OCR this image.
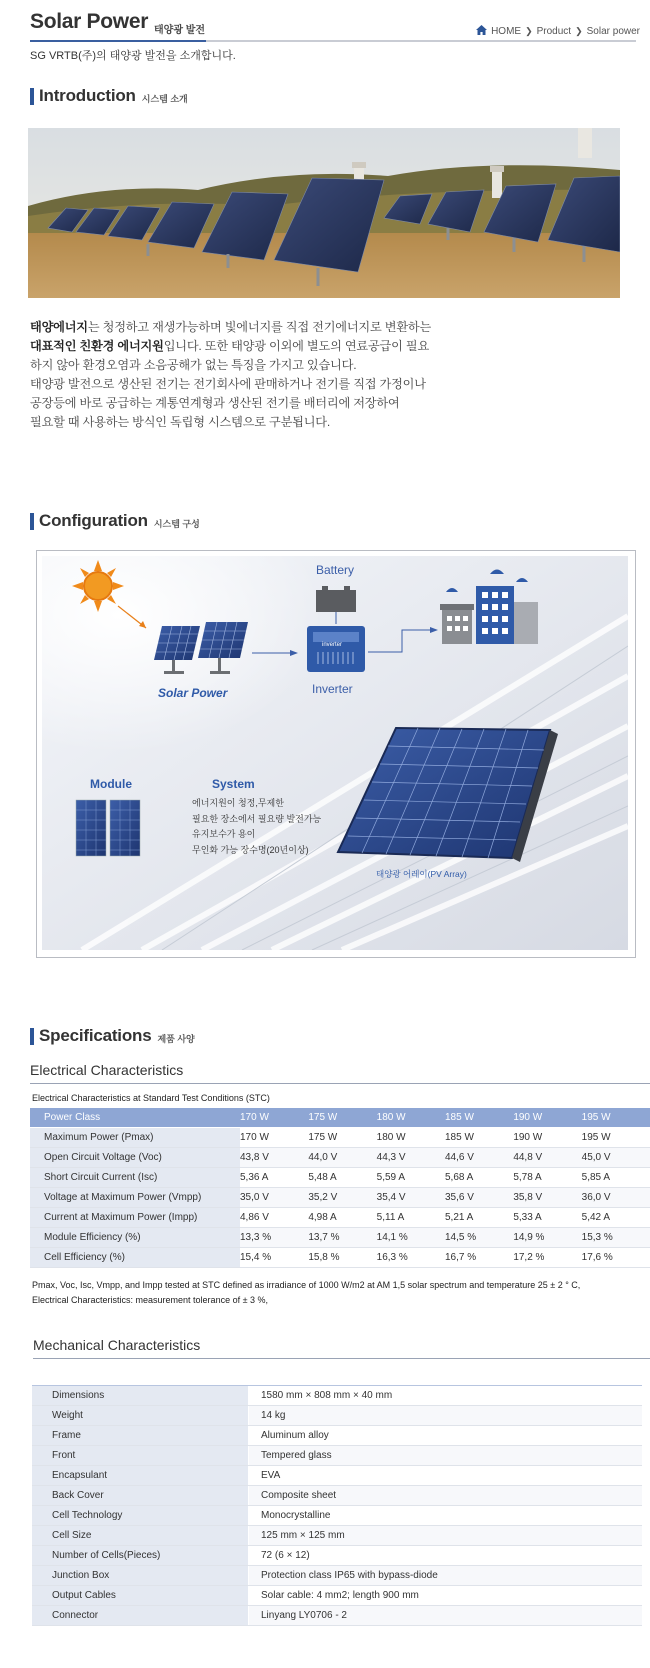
Solar Power 태양광 발전	HOME ❯ Product ❯ Solar power
SG VRTB(주)의 태양광 발전을 소개합니다.
Introduction 시스템 소개
태양에너지는 청정하고 재생가능하며 빛에너지를 직접 전기에너지로 변환하는
대표적인 친환경 에너지원입니다. 또한 태양광 이외에 별도의 연료공급이 필요
하지 않아 환경오염과 소음공해가 없는 특징을 가지고 있습니다.
태양광 발전으로 생산된 전기는 전기회사에 판매하거나 전기를 직접 가정이나
공장등에 바로 공급하는 계통연계형과 생산된 전기를 배터리에 저장하여
필요할 때 사용하는 방식인 독립형 시스템으로 구분됩니다.
Configuration 시스템 구성
Battery
inverter
Inverter
Solar Power
Module	System
에너지원이 청정,무제한
필요한 장소에서 필요량 발전가능
유지보수가 용이
무인화 가능 장수명(20년이상)
태양광 어레이(PV Array)
Specifications 제품 사양
Electrical Characteristics
Electrical Characteristics at Standard Test Conditions (STC)
Power Class	170 W	175 W	180 W	185 W	190 W	195 W
Maximum Power (Pmax)	170 W	175 W	180 W	185 W	190 W	195 W
Open Circuit Voltage (Voc)	43,8 V	44,0 V	44,3 V	44,6 V	44,8 V	45,0 V
Short Circuit Current (Isc)	5,36 A	5,48 A	5,59 A	5,68 A	5,78 A	5,85 A
Voltage at Maximum Power (Vmpp)	35,0 V	35,2 V	35,4 V	35,6 V	35,8 V	36,0 V
Current at Maximum Power (Impp)	4,86 V	4,98 A	5,11 A	5,21 A	5,33 A	5,42 A
Module Efficiency (%)	13,3 %	13,7 %	14,1 %	14,5 %	14,9 %	15,3 %
Cell Efficiency (%)	15,4 %	15,8 %	16,3 %	16,7 %	17,2 %	17,6 %
Pmax, Voc, Isc, Vmpp, and Impp tested at STC defined as irradiance of 1000 W/m2 at AM 1,5 solar spectrum and temperature 25 ± 2 ° C,
Electrical Characteristics: measurement tolerance of ± 3 %,
Mechanical Characteristics
Dimensions	1580 mm × 808 mm × 40 mm
Weight	14 kg
Frame	Aluminum alloy
Front	Tempered glass
Encapsulant	EVA
Back Cover	Composite sheet
Cell Technology	Monocrystalline
Cell Size	125 mm × 125 mm
Number of Cells(Pieces)	72 (6 × 12)
Junction Box	Protection class IP65 with bypass-diode
Output Cables	Solar cable: 4 mm2; length 900 mm
Connector	Linyang LY0706 - 2
